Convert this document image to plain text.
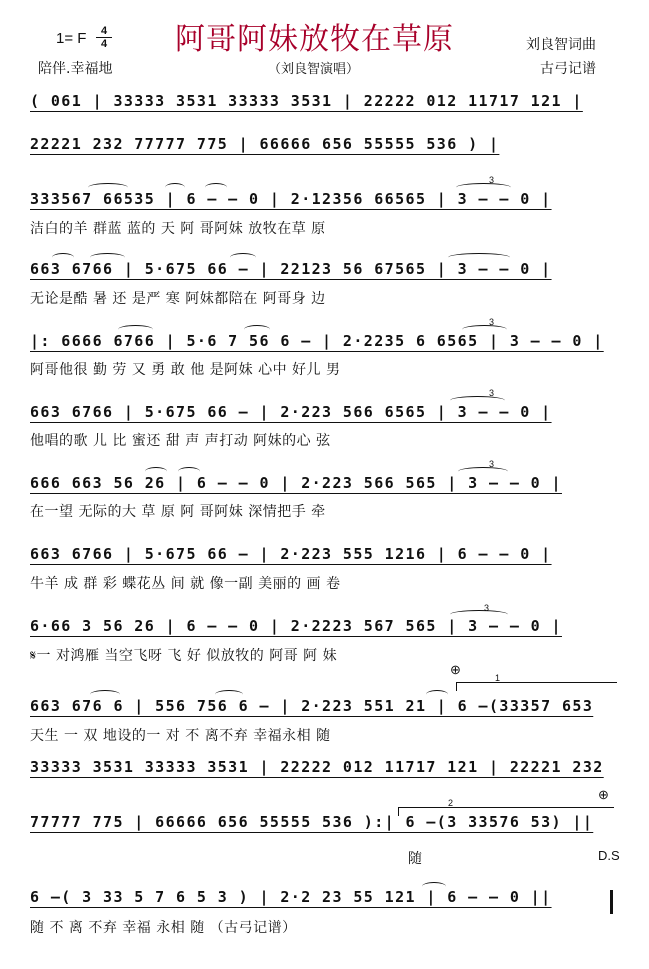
1= F	4
4 阿哥阿妹放牧在草原	刘良智词曲
陪伴.幸福地	（刘良智演唱）	古弓记谱
( 061 | 33333 3531 33333 3531 | 22222 012 11717 121 |
22221 232 77777 775 | 66666 656 55555 536 ) |
333567 66535 | 6 – – 0 | 2·12356 66565 | 3 – – 0 |
洁白的羊 群蓝 蓝的 天 阿 哥阿妹 放牧在草 原
663 6766 | 5·675 66 – | 22123 56 67565 | 3 – – 0 |
无论是酷 暑 还 是严 寒 阿妹都陪在 阿哥身 边
|: 6666 6766 | 5·6 7 56 6 – | 2·2235 6 6565 | 3 – – 0 |
阿哥他很 勤 劳 又 勇 敢 他 是阿妹 心中 好儿 男
663 6766 | 5·675 66 – | 2·223 566 6565 | 3 – – 0 |
他唱的歌 儿 比 蜜还 甜 声 声打动 阿妹的心 弦
666 663 56 26 | 6 – – 0 | 2·223 566 565 | 3 – – 0 |
在一望 无际的大 草 原 阿 哥阿妹 深情把手 牵
663 6766 | 5·675 66 – | 2·223 555 1216 | 6 – – 0 |
牛羊 成 群 彩 蝶花丛 间 就 像一副 美丽的 画 卷
6·66 3 56 26 | 6 – – 0 | 2·2223 567 565 | 3 – – 0 |
𝄋一 对鸿雁 当空飞呀 飞 好 似放牧的 阿哥 阿 妹
663 676 6 | 556 756 6 – | 2·223 551 21 | 6 –(33357 653
天生 一 双 地设的一 对 不 离不弃 幸福永相 随
33333 3531 33333 3531 | 22222 012 11717 121 | 22221 232
77777 775 | 66666 656 55555 536 ):| 6 –(3 33576 53) ||
随
6 –( 3 33 5 7 6 5 3 ) | 2·2 23 55 121 | 6 – – 0 ||
随 不 离 不弃 幸福 永相 随 （古弓记谱）
⊕
1
⊕
2
D.S
3
3
3
3
3
